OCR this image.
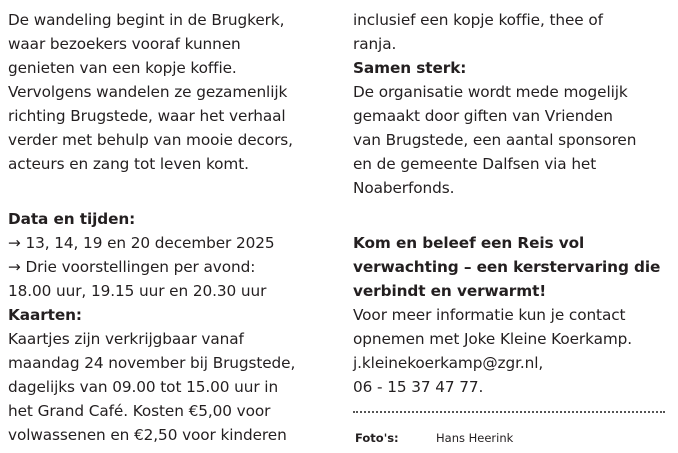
De wandeling begint in de Brugkerk,
waar bezoekers vooraf kunnen
genieten van een kopje koffie.
Vervolgens wandelen ze gezamenlijk
richting Brugstede, waar het verhaal
verder met behulp van mooie decors,
acteurs en zang tot leven komt.
Data en tijden:
→ 13, 14, 19 en 20 december 2025
→ Drie voorstellingen per avond:
18.00 uur, 19.15 uur en 20.30 uur
Kaarten:
Kaartjes zijn verkrijgbaar vanaf
maandag 24 november bij Brugstede,
dagelijks van 09.00 tot 15.00 uur in
het Grand Café. Kosten €5,00 voor
volwassenen en €2,50 voor kinderen
inclusief een kopje koffie, thee of
ranja.
Samen sterk:
De organisatie wordt mede mogelijk
gemaakt door giften van Vrienden
van Brugstede, een aantal sponsoren
en de gemeente Dalfsen via het
Noaberfonds.
Kom en beleef een Reis vol
verwachting – een kerstervaring die
verbindt en verwarmt!
Voor meer informatie kun je contact
opnemen met Joke Kleine Koerkamp.
j.kleinekoerkamp@zgr.nl,
06 - 15 37 47 77.
Foto's:	Hans Heerink
